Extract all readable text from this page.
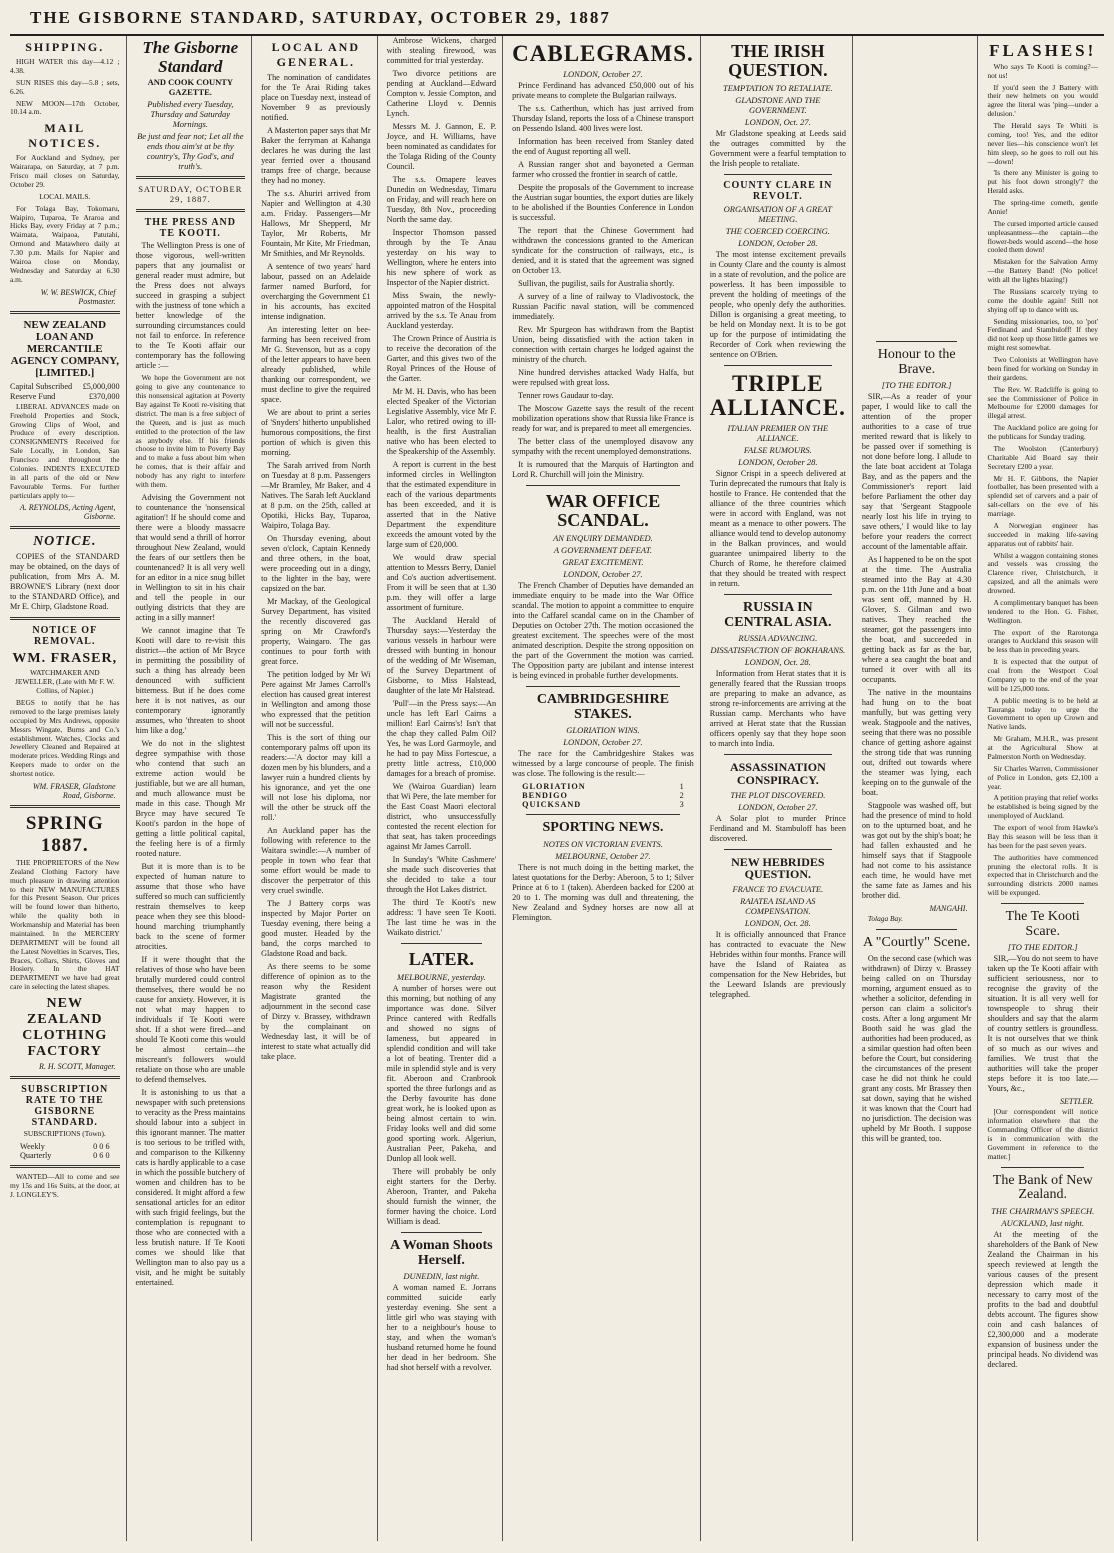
THE GISBORNE STANDARD, SATURDAY, OCTOBER 29, 1887
SHIPPING.

HIGH WATER this day—4.12 ; 4.38.

SUN RISES this day—5.8 ; sets, 6.26.

NEW MOON—17th October, 10.14 a.m.

MAIL NOTICES.

For Auckland and Sydney, per Wairarapa, on Saturday, at 7 p.m. Frisco mail closes on Saturday, October 29.

LOCAL MAILS.

For Tolaga Bay, Tokomaru, Waipiro, Tuparoa, Te Araroa and Hicks Bay, every Friday at 7 p.m.; Waimata, Waipaoa, Patutahi, Ormond and Matawhero daily at 7.30 p.m. Mails for Napier and Wairoa close on Monday, Wednesday and Saturday at 6.30 a.m.

W. W. BESWICK, Chief Postmaster.
NEW ZEALAND LOAN AND MERCANTILE AGENCY COMPANY, [LIMITED.]
Capital Subscribed £5,000,000
Reserve Fund	£370,000

LIBERAL ADVANCES made on Freehold Properties and Stock, Growing Clips of Wool, and Produce of every description. CONSIGNMENTS Received for Sale Locally, in London, San Francisco and throughout the Colonies. INDENTS EXECUTED in all parts of the old or New Favourable Terms. For further particulars apply to—

A. REYNOLDS, Acting Agent, Gisborne.
NOTICE.

COPIES of the STANDARD may be obtained, on the days of publication, from Mrs A. M. BROWNE'S Library (next door to the STANDARD Office), and Mr E. Chirp, Gladstone Road.

NOTICE OF REMOVAL.
WM. FRASER,

WATCHMAKER AND JEWELLER, (Late with Mr F. W. Collins, of Napier.)

BEGS to notify that he has removed to the large premises lately occupied by Mrs Andrews, opposite Messrs Wingate, Burns and Co.'s establishment. Watches, Clocks and Jewellery Cleaned and Repaired at moderate prices. Wedding Rings and Keepers made to order on the shortest notice.

WM. FRASER, Gladstone Road, Gisborne.
SPRING 1887.

THE PROPRIETORS of the New Zealand Clothing Factory have much pleasure in drawing attention to their NEW MANUFACTURES for this Present Season. Our prices will be found lower than hitherto, while the quality both in Workmanship and Material has been maintained. In the MERCERY DEPARTMENT will be found all the Latest Novelties in Scarves, Ties, Braces, Collars, Shirts, Gloves and Hosiery. In the HAT DEPARTMENT we have had great care in selecting the latest shapes.

NEW ZEALAND CLOTHING FACTORY
R. H. SCOTT, Manager.
SUBSCRIPTION RATE TO THE GISBORNE STANDARD.

SUBSCRIPTIONS (Town).

Weekly	0 0 6
Quarterly	0 6 0

WANTED—All to come and see my 15s and 16s Suits, at the door, at J. LONGLEY'S.

The Gisborne Standard
AND COOK COUNTY GAZETTE.
Published every Tuesday, Thursday and Saturday Mornings.
Be just and fear not; Let all the ends thou aim'st at be thy country's, Thy God's, and truth's.
SATURDAY, OCTOBER 29, 1887.
THE PRESS AND TE KOOTI.

The Wellington Press is one of those vigorous, well-written papers that any journalist or general reader must admire, but the Press does not always succeed in grasping a subject with the justness of tone which a better knowledge of the surrounding circumstances could not fail to enforce. In reference to the Te Kooti affair our contemporary has the following article :—

We hope the Government are not going to give any countenance to this nonsensical agitation at Poverty Bay against Te Kooti re-visiting that district. The man is a free subject of the Queen, and is just as much entitled to the protection of the law as anybody else. If his friends choose to invite him to Poverty Bay and to make a fuss about him when he comes, that is their affair and nobody has any right to interfere with them.

Advising the Government not to countenance the 'nonsensical agitation'! If he should come and there were a bloody massacre that would send a thrill of horror throughout New Zealand, would the fears of our settlers then be countenanced? It is all very well for an editor in a nice snug billet in Wellington to sit in his chair and tell the people in our outlying districts that they are acting in a silly manner!

We cannot imagine that Te Kooti will dare to re-visit this district—the action of Mr Bryce in permitting the possibility of such a thing has already been denounced with sufficient bitterness. But if he does come here it is not natives, as our contemporary ignorantly assumes, who 'threaten to shoot him like a dog.'

We do not in the slightest degree sympathise with those who contend that such an extreme action would be justifiable, but we are all human, and much allowance must be made in this case. Though Mr Bryce may have secured Te Kooti's pardon in the hope of getting a little political capital, the feeling here is of a firmly rooted nature.

But it is more than is to be expected of human nature to assume that those who have suffered so much can sufficiently restrain themselves to keep peace when they see this blood-hound marching triumphantly back to the scene of former atrocities.

If it were thought that the relatives of those who have been brutally murdered could control themselves, there would be no cause for anxiety. However, it is not what may happen to individuals if Te Kooti were shot. If a shot were fired—and should Te Kooti come this would be almost certain—the miscreant's followers would retaliate on those who are unable to defend themselves.

It is astonishing to us that a newspaper with such pretensions to veracity as the Press maintains should labour into a subject in this ignorant manner. The matter is too serious to be trifled with, and comparison to the Kilkenny cats is hardly applicable to a case in which the possible butchery of women and children has to be considered. It might afford a few sensational articles for an editor with such frigid feelings, but the contemplation is repugnant to those who are connected with a less brutish nature. If Te Kooti comes we should like that Wellington man to also pay us a visit, and he might be suitably entertained.

LOCAL AND GENERAL.

The nomination of candidates for the Te Arai Riding takes place on Tuesday next, instead of November 9 as previously notified.

A Masterton paper says that Mr Baker the ferryman at Kahanga declares he was during the last year ferried over a thousand tramps free of charge, because they had no money.

The s.s. Ahuriri arrived from Napier and Wellington at 4.30 a.m. Friday. Passengers—Mr Hallows, Mr Shepperd, Mr Taylor, Mr Roberts, Mr Fountain, Mr Kite, Mr Friedman, Mr Smithies, and Mr Reynolds.

A sentence of two years' hard labour, passed on an Adelaide farmer named Burford, for overcharging the Government £1 in his accounts, has excited intense indignation.

An interesting letter on bee-farming has been received from Mr G. Stevenson, but as a copy of the letter appears to have been already published, while thanking our correspondent, we must decline to give the required space.

We are about to print a series of 'Snyders' hitherto unpublished humorous compositions, the first portion of which is given this morning.

The Sarah arrived from North on Tuesday at 8 p.m. Passengers—Mr Bramley, Mr Baker, and 4 Natives. The Sarah left Auckland at 8 p.m. on the 25th, called at Opotiki, Hicks Bay, Tuparoa, Waipiro, Tolaga Bay.

On Thursday evening, about seven o'clock, Captain Kennedy and three others, in the boat, were proceeding out in a dingy, to the lighter in the bay, were capsized on the bar.

Mr Mackay, of the Geological Survey Department, has visited the recently discovered gas spring on Mr Crawford's property, Waingaro. The gas continues to pour forth with great force.

The petition lodged by Mr Wi Pere against Mr James Carroll's election has caused great interest in Wellington and among those who expressed that the petition will not be successful.

This is the sort of thing our contemporary palms off upon its readers:—'A doctor may kill a dozen men by his blunders, and a lawyer ruin a hundred clients by his ignorance, and yet the one will not lose his diploma, nor will the other be struck off the roll.'

An Auckland paper has the following with reference to the Waitara swindle:—A number of people in town who fear that some effort would be made to discover the perpetrator of this very cruel swindle.

The J Battery corps was inspected by Major Porter on Tuesday evening, there being a good muster. Headed by the band, the corps marched to Gladstone Road and back.

As there seems to be some difference of opinion as to the reason why the Resident Magistrate granted the adjournment in the second case of Dirzy v. Brassey, withdrawn by the complainant on Wednesday last, it will be of interest to state what actually did take place.

Ambrose Wickens, charged with stealing firewood, was committed for trial yesterday.

Two divorce petitions are pending at Auckland—Edward Compton v. Jessie Compton, and Catherine Lloyd v. Dennis Lynch.

Messrs M. J. Gannon, E. P. Joyce, and H. Williams, have been nominated as candidates for the Tolaga Riding of the County Council.

The s.s. Omapere leaves Dunedin on Wednesday, Timaru on Friday, and will reach here on Tuesday, 8th Nov., proceeding North the same day.

Inspector Thomson passed through by the Te Anau yesterday on his way to Wellington, where he enters into his new sphere of work as Inspector of the Napier district.

Miss Swain, the newly-appointed matron of the Hospital arrived by the s.s. Te Anau from Auckland yesterday.

The Crown Prince of Austria is to receive the decoration of the Garter, and this gives two of the Royal Princes of the House of the Garter.

Mr M. H. Davis, who has been elected Speaker of the Victorian Legislative Assembly, vice Mr F. Lalor, who retired owing to ill-health, is the first Australian native who has been elected to the Speakership of the Assembly.

A report is current in the best informed circles in Wellington that the estimated expenditure in each of the various departments has been exceeded, and it is asserted that in the Native Department the expenditure exceeds the amount voted by the large sum of £20,000.

We would draw special attention to Messrs Berry, Daniel and Co's auction advertisement. From it will be seen that at 1.30 p.m. they will offer a large assortment of furniture.

The Auckland Herald of Thursday says:—Yesterday the various vessels in harbour were dressed with bunting in honour of the wedding of Mr Wiseman, of the Survey Department of Gisborne, to Miss Halstead, daughter of the late Mr Halstead.

'Pull'—in the Press says:—An uncle has left Earl Cairns a million! Earl Cairns's! Isn't that the chap they called Palm Oil? Yes, he was Lord Garmoyle, and he had to pay Miss Fortescue, a pretty little actress, £10,000 damages for a breach of promise.

We (Wairoa Guardian) learn that Wi Pere, the late member for the East Coast Maori electoral district, who unsuccessfully contested the recent election for that seat, has taken proceedings against Mr James Carroll.

In Sunday's 'White Cashmere' she made such discoveries that she decided to take a tour through the Hot Lakes district.

The third Te Kooti's new address: 'I have seen Te Kooti. The last time he was in the Waikato district.'

LATER.
MELBOURNE, yesterday.

A number of horses were out this morning, but nothing of any importance was done. Silver Prince cantered with Redfalls and showed no signs of lameness, but appeared in splendid condition and will take a lot of beating. Trenter did a mile in splendid style and is very fit. Aberoon and Cranbrook sported the three furlongs and as the Derby favourite has done great work, he is looked upon as being almost certain to win. Friday looks well and did some good sporting work. Algeriun, Australian Peer, Pakeha, and Dunlop all look well.

There will probably be only eight starters for the Derby. Aberoon, Tranter, and Pakeha should furnish the winner, the former having the choice. Lord William is dead.

A Woman Shoots Herself.
DUNEDIN, last night.

A woman named E. Jorrans committed suicide early yesterday evening. She sent a little girl who was staying with her to a neighbour's house to stay, and when the woman's husband returned home he found her dead in her bedroom. She had shot herself with a revolver.

CABLEGRAMS.
LONDON, October 27.

Prince Ferdinand has advanced £50,000 out of his private means to complete the Bulgarian railways.

The s.s. Catherthun, which has just arrived from Thursday Island, reports the loss of a Chinese transport on Pessendo Island. 400 lives were lost.

Information has been received from Stanley dated the end of August reporting all well.

A Russian ranger shot and bayoneted a German farmer who crossed the frontier in search of cattle.

Despite the proposals of the Government to increase the Austrian sugar bounties, the export duties are likely to be abolished if the Bounties Conference in London is successful.

The report that the Chinese Government had withdrawn the concessions granted to the American syndicate for the construction of railways, etc., is denied, and it is stated that the agreement was signed on October 13.

Sullivan, the pugilist, sails for Australia shortly.

A survey of a line of railway to Vladivostock, the Russian Pacific naval station, will be commenced immediately.

Rev. Mr Spurgeon has withdrawn from the Baptist Union, being dissatisfied with the action taken in connection with certain charges he lodged against the ministry of the church.

Nine hundred dervishes attacked Wady Halfa, but were repulsed with great loss.

Tenner rows Gaudaur to-day.

The Moscow Gazette says the result of the recent mobilization operations show that Russia like France is ready for war, and is prepared to meet all emergencies.

The better class of the unemployed disavow any sympathy with the recent unemployed demonstrations.

It is rumoured that the Marquis of Hartington and Lord R. Churchill will join the Ministry.

WAR OFFICE SCANDAL.
AN ENQUIRY DEMANDED.
A GOVERNMENT DEFEAT.
GREAT EXCITEMENT.
LONDON, October 27.

The French Chamber of Deputies have demanded an immediate enquiry to be made into the War Office scandal. The motion to appoint a committee to enquire into the Caffarel scandal came on in the Chamber of Deputies on October 27th. The motion occasioned the greatest excitement. The speeches were of the most animated description. Despite the strong opposition on the part of the Government the motion was carried. The Opposition party are jubilant and intense interest is being evinced in probable further developments.

CAMBRIDGESHIRE STAKES.
GLORIATION WINS.
LONDON, October 27.

The race for the Cambridgeshire Stakes was witnessed by a large concourse of people. The finish was close. The following is the result:—

GLORIATION	1
BENDIGO	2
QUICKSAND	3
SPORTING NEWS.
NOTES ON VICTORIAN EVENTS.
MELBOURNE, October 27.

There is not much doing in the betting market, the latest quotations for the Derby: Aberoon, 5 to 1; Silver Prince at 6 to 1 (taken). Aberdeen backed for £200 at 20 to 1. The morning was dull and threatening, the New Zealand and Sydney horses are now all at Flemington.

THE IRISH QUESTION.
TEMPTATION TO RETALIATE.
GLADSTONE AND THE GOVERNMENT.
LONDON, Oct. 27.

Mr Gladstone speaking at Leeds said the outrages committed by the Government were a fearful temptation to the Irish people to retaliate.

COUNTY CLARE IN REVOLT.
ORGANISATION OF A GREAT MEETING.
THE COERCED COERCING.
LONDON, October 28.

The most intense excitement prevails in County Clare and the county is almost in a state of revolution, and the police are powerless. It has been impossible to prevent the holding of meetings of the people, who openly defy the authorities. Dillon is organising a great meeting, to be held on Monday next. It is to be got up for the purpose of intimidating the Recorder of Cork when reviewing the sentence on O'Brien.

TRIPLE ALLIANCE.
ITALIAN PREMIER ON THE ALLIANCE.
FALSE RUMOURS.
LONDON, October 28.

Signor Crispi in a speech delivered at Turin deprecated the rumours that Italy is hostile to France. He contended that the alliance of the three countries which were in accord with England, was not meant as a menace to other powers. The alliance would tend to develop autonomy in the Balkan provinces, and would guarantee unimpaired liberty to the Church of Rome, he therefore claimed that they should be treated with respect in return.

RUSSIA IN CENTRAL ASIA.
RUSSIA ADVANCING.
DISSATISFACTION OF BOKHARANS.
LONDON, Oct. 28.

Information from Herat states that it is generally feared that the Russian troops are preparing to make an advance, as strong re-inforcements are arriving at the Russian camp. Merchants who have arrived at Herat state that the Russian officers openly say that they hope soon to march into India.

ASSASSINATION CONSPIRACY.
THE PLOT DISCOVERED.
LONDON, October 27.

A Solar plot to murder Prince Ferdinand and M. Stambuloff has been discovered.

NEW HEBRIDES QUESTION.
FRANCE TO EVACUATE.
RAIATEA ISLAND AS COMPENSATION.
LONDON, Oct. 28.

It is officially announced that France has contracted to evacuate the New Hebrides within four months. France will have the Island of Raiatea as compensation for the New Hebrides, but the Leeward Islands are previously telegraphed.

Honour to the Brave.
[TO THE EDITOR.]

SIR,—As a reader of your paper, I would like to call the attention of the proper authorities to a case of true merited reward that is likely to be passed over if something is not done before long. I allude to the late boat accident at Tolaga Bay, and as the papers and the Commissioner's report laid before Parliament the other day say that 'Sergeant Stagpoole nearly lost his life in trying to save others,' I would like to lay before your readers the correct account of the lamentable affair.

As I happened to be on the spot at the time. The Australia steamed into the Bay at 4.30 p.m. on the 11th June and a boat was sent off, manned by H. Glover, S. Gilman and two natives. They reached the steamer, got the passengers into the boat, and succeeded in getting back as far as the bar, where a sea caught the boat and turned it over with all its occupants.

The native in the mountains had hung on to the boat manfully, but was getting very weak. Stagpoole and the natives, seeing that there was no possible chance of getting ashore against the strong tide that was running out, drifted out towards where the steamer was lying, each keeping on to the gunwale of the boat.

Stagpoole was washed off, but had the presence of mind to hold on to the upturned boat, and he was got out by the ship's boat; he had fallen exhausted and he himself says that if Stagpoole had not come to his assistance each time, he would have met the same fate as James and his brother did.

MANGAHI.

Tolaga Bay.

A "Courtly" Scene.

On the second case (which was withdrawn) of Dirzy v. Brassey being called on on Thursday morning, argument ensued as to whether a solicitor, defending in person can claim a solicitor's costs. After a long argument Mr Booth said he was glad the authorities had been produced, as a similar question had often been before the Court, but considering the circumstances of the present case he did not think he could grant any costs. Mr Brassey then sat down, saying that he wished it was known that the Court had no jurisdiction. The decision was upheld by Mr Booth. I suppose this will be granted, too.

FLASHES!

Who says Te Kooti is coming?—not us!

If you'd seen the J Battery with their new helmets on you would agree the literal was 'ping—under a delusion.'

The Herald says Te Whiti is coming, too! Yes, and the editor never lies—his conscience won't let him sleep, so he goes to roll out his—down!

'Is there any Minister is going to put his foot down strongly'? the Herald asks.

The spring-time cometh, gentle Annie!

The cursed imported article caused unpleasantness—the captain—the flower-beds would ascend—the hose cooled them down!

Mistaken for the Salvation Army—the Battery Band! (No police! with all the lights blazing!)

The Russians scarcely trying to come the double again! Still not shying off up to dance with us.

Sending missionaries, too, to 'pot' Ferdinand and Stambuloff! If they did not keep up those little games we might rest somewhat.

Two Colonists at Wellington have been fined for working on Sunday in their gardens.

The Rev. W. Radcliffe is going to see the Commissioner of Police in Melbourne for £2000 damages for illegal arrest.

The Auckland police are going for the publicans for Sunday trading.

The Woolston (Canterbury) Charitable Aid Board say their Secretary £200 a year.

Mr H. F. Gibbons, the Napier footballer, has been presented with a splendid set of carvers and a pair of salt-cellars on the eve of his marriage.

A Norwegian engineer has succeeded in making life-saving apparatus out of rabbits' hair.

Whilst a waggon containing stones and vessels was crossing the Clarence river, Christchurch, it capsized, and all the animals were drowned.

A complimentary banquet has been tendered to the Hon. G. Fisher, Wellington.

The export of the Rarotonga oranges to Auckland this season will be less than in preceding years.

It is expected that the output of coal from the Westport Coal Company up to the end of the year will be 125,000 tons.

A public meeting is to be held at Tauranga today to urge the Government to open up Crown and Native lands.

Mr Graham, M.H.R., was present at the Agricultural Show at Palmerston North on Wednesday.

Sir Charles Warren, Commissioner of Police in London, gets £2,100 a year.

A petition praying that relief works be established is being signed by the unemployed of Auckland.

The export of wool from Hawke's Bay this season will be less than it has been for the past seven years.

The authorities have commenced pruning the electoral rolls. It is expected that in Christchurch and the surrounding districts 2000 names will be expunged.

The Te Kooti Scare.
[TO THE EDITOR.]

SIR,—You do not seem to have taken up the Te Kooti affair with sufficient seriousness, nor to recognise the gravity of the situation. It is all very well for townspeople to shrug their shoulders and say that the alarm of country settlers is groundless. It is not ourselves that we think of so much as our wives and families. We trust that the authorities will take the proper steps before it is too late.—Yours, &c.,

SETTLER.

[Our correspondent will notice information elsewhere that the Commanding Officer of the district is in communication with the Government in reference to the matter.]

The Bank of New Zealand.
THE CHAIRMAN'S SPEECH.
AUCKLAND, last night.

At the meeting of the shareholders of the Bank of New Zealand the Chairman in his speech reviewed at length the various causes of the present depression which made it necessary to carry most of the profits to the bad and doubtful debts account. The figures show coin and cash balances of £2,300,000 and a moderate expansion of business under the principal heads. No dividend was declared.
